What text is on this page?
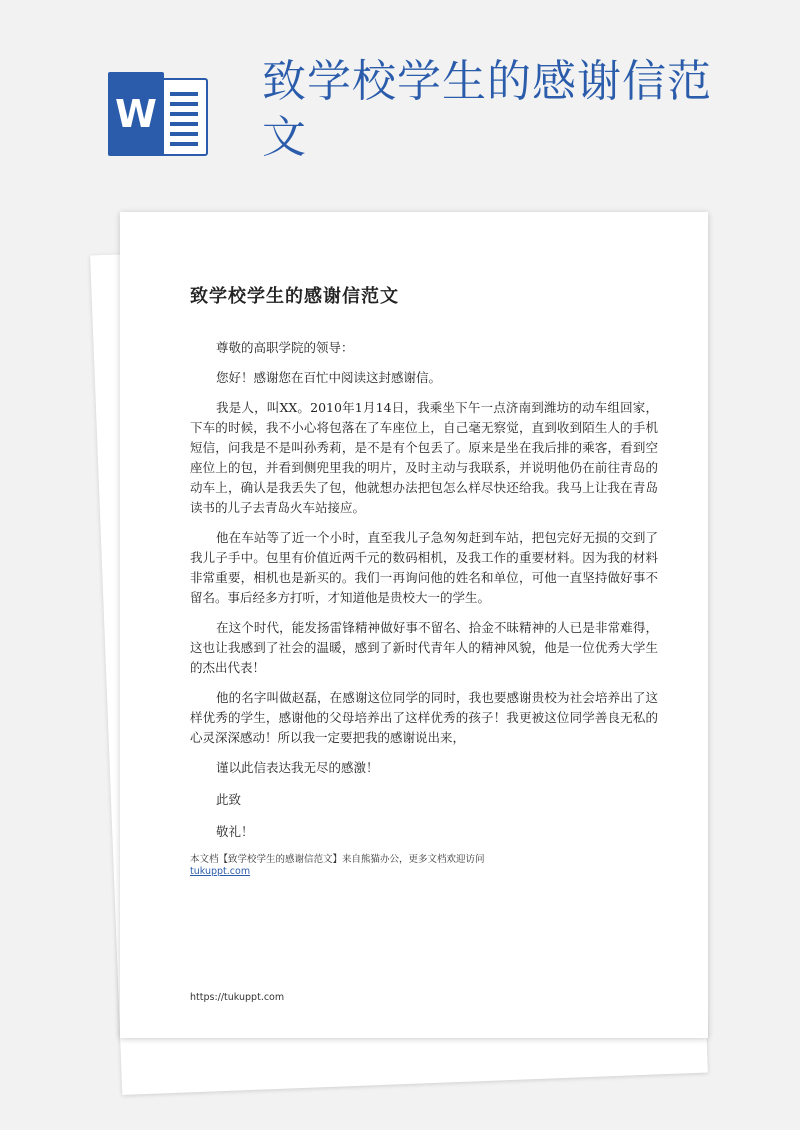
W
致学校学生的感谢信范文
致学校学生的感谢信范文

尊敬的高职学院的领导：

您好！感谢您在百忙中阅读这封感谢信。

我是人，叫XX。2010年1月14日，我乘坐下午一点济南到潍坊的动车组回家，下车的时候，我不小心将包落在了车座位上，自己毫无察觉，直到收到陌生人的手机短信，问我是不是叫孙秀莉，是不是有个包丢了。原来是坐在我后排的乘客，看到空座位上的包，并看到侧兜里我的明片，及时主动与我联系，并说明他仍在前往青岛的动车上，确认是我丢失了包，他就想办法把包怎么样尽快还给我。我马上让我在青岛读书的儿子去青岛火车站接应。

他在车站等了近一个小时，直至我儿子急匆匆赶到车站，把包完好无损的交到了我儿子手中。包里有价值近两千元的数码相机，及我工作的重要材料。因为我的材料非常重要，相机也是新买的。我们一再询问他的姓名和单位，可他一直坚持做好事不留名。事后经多方打听，才知道他是贵校大一的学生。

在这个时代，能发扬雷锋精神做好事不留名、拾金不昧精神的人已是非常难得，这也让我感到了社会的温暖，感到了新时代青年人的精神风貌，他是一位优秀大学生的杰出代表！

他的名字叫做赵磊，在感谢这位同学的同时，我也要感谢贵校为社会培养出了这样优秀的学生，感谢他的父母培养出了这样优秀的孩子！我更被这位同学善良无私的心灵深深感动！所以我一定要把我的感谢说出来，

谨以此信表达我无尽的感激！

此致

敬礼！

本文档【致学校学生的感谢信范文】来自熊猫办公，更多文档欢迎访问
tukuppt.com

https://tukuppt.com
